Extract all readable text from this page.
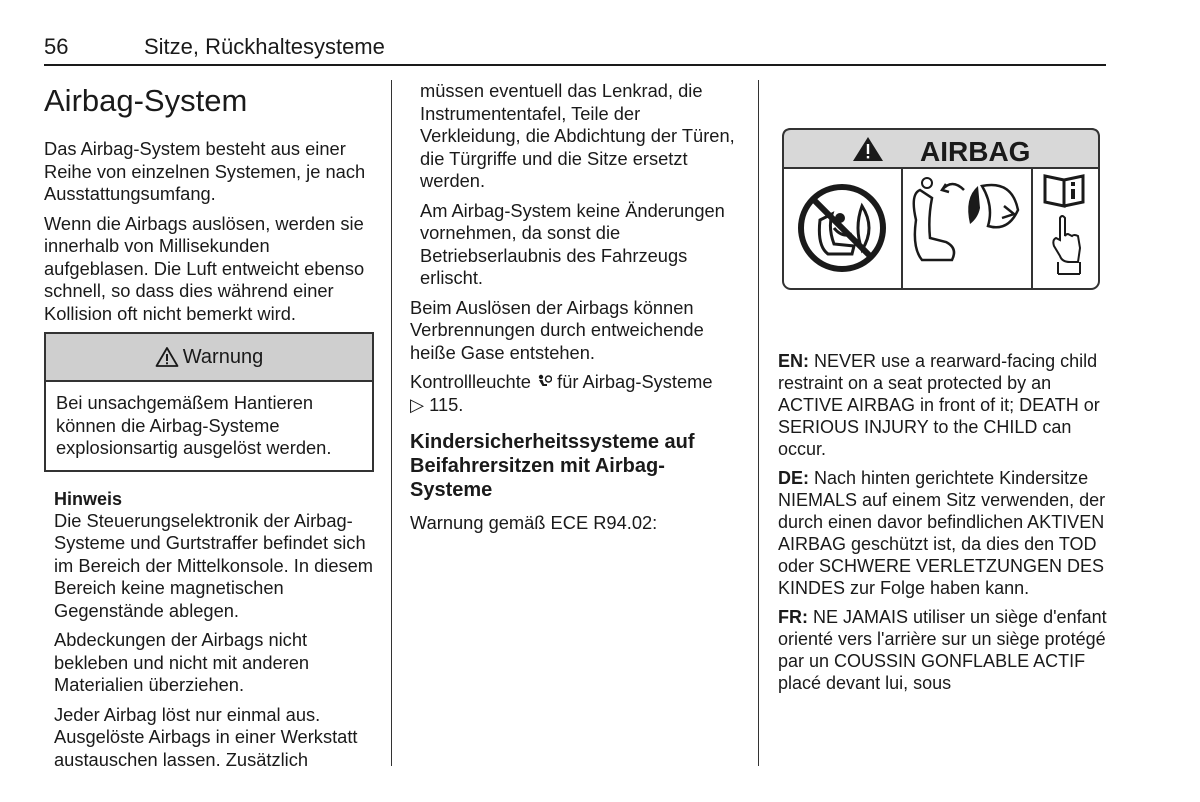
56	Sitze, Rückhaltesysteme
Airbag-System

Das Airbag-System besteht aus einer Reihe von einzelnen Systemen, je nach Ausstattungsumfang.

Wenn die Airbags auslösen, werden sie innerhalb von Millisekunden aufgeblasen. Die Luft entweicht ebenso schnell, so dass dies während einer Kollision oft nicht bemerkt wird.

Warnung

Bei unsachgemäßem Hantieren können die Airbag-Systeme explosionsartig ausgelöst werden.

Hinweis

Die Steuerungselektronik der Airbag-Systeme und Gurtstraffer befindet sich im Bereich der Mittelkonsole. In diesem Bereich keine magnetischen Gegenstände ablegen.

Abdeckungen der Airbags nicht bekleben und nicht mit anderen Materialien überziehen.

Jeder Airbag löst nur einmal aus. Ausgelöste Airbags in einer Werkstatt austauschen lassen. Zusätzlich

müssen eventuell das Lenkrad, die Instrumententafel, Teile der Verkleidung, die Abdichtung der Türen, die Türgriffe und die Sitze ersetzt werden.

Am Airbag-System keine Änderungen vornehmen, da sonst die Betriebserlaubnis des Fahrzeugs erlischt.

Beim Auslösen der Airbags können Verbrennungen durch entweichende heiße Gase entstehen.

Kontrollleuchte für Airbag-Systeme
▷ 115.

Kindersicherheitssysteme auf Beifahrersitzen mit Airbag-Systeme

Warnung gemäß ECE R94.02:

AIRBAG

EN: NEVER use a rearward-facing child restraint on a seat protected by an ACTIVE AIRBAG in front of it; DEATH or SERIOUS INJURY to the CHILD can occur.

DE: Nach hinten gerichtete Kindersitze NIEMALS auf einem Sitz verwenden, der durch einen davor befindlichen AKTIVEN AIRBAG geschützt ist, da dies den TOD oder SCHWERE VERLETZUNGEN DES KINDES zur Folge haben kann.

FR: NE JAMAIS utiliser un siège d'enfant orienté vers l'arrière sur un siège protégé par un COUSSIN GONFLABLE ACTIF placé devant lui, sous
